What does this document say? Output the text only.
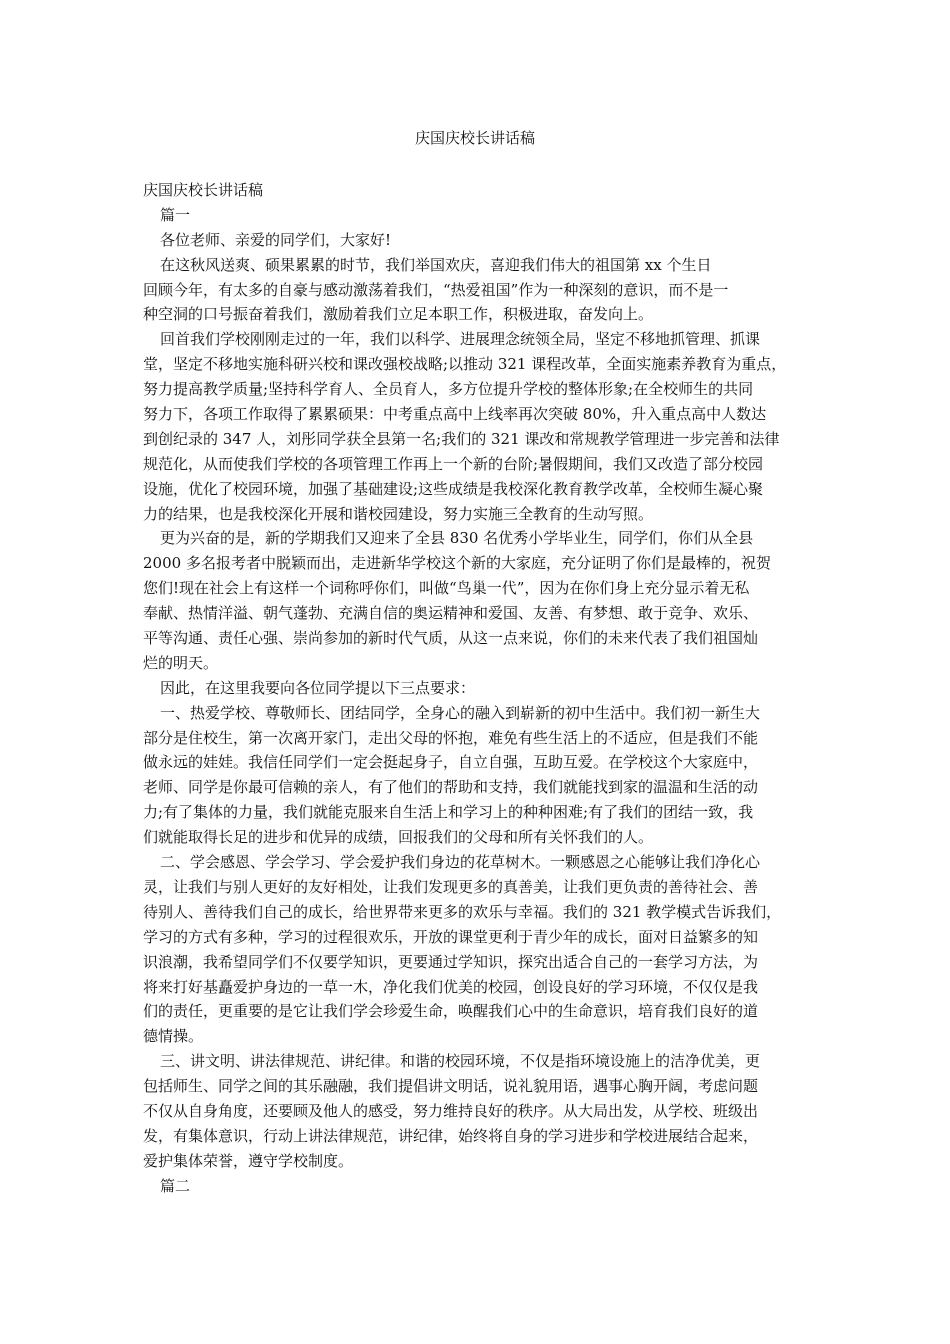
庆国庆校长讲话稿
庆国庆校长讲话稿
篇一
各位老师、亲爱的同学们，大家好!
在这秋风送爽、硕果累累的时节，我们举国欢庆，喜迎我们伟大的祖国第 xx 个生日
回顾今年，有太多的自豪与感动激荡着我们，“热爱祖国”作为一种深刻的意识，而不是一
种空洞的口号振奋着我们，激励着我们立足本职工作，积极进取，奋发向上。
回首我们学校刚刚走过的一年，我们以科学、进展理念统领全局，坚定不移地抓管理、抓课
堂，坚定不移地实施科研兴校和课改强校战略;以推动 321 课程改革，全面实施素养教育为重点，
努力提高教学质量;坚持科学育人、全员育人，多方位提升学校的整体形象;在全校师生的共同
努力下，各项工作取得了累累硕果：中考重点高中上线率再次突破 80%，升入重点高中人数达
到创纪录的 347 人，刘彤同学获全县第一名;我们的 321 课改和常规教学管理进一步完善和法律
规范化，从而使我们学校的各项管理工作再上一个新的台阶;暑假期间，我们又改造了部分校园
设施，优化了校园环境，加强了基础建设;这些成绩是我校深化教育教学改革，全校师生凝心聚
力的结果，也是我校深化开展和谐校园建设，努力实施三全教育的生动写照。
更为兴奋的是，新的学期我们又迎来了全县 830 名优秀小学毕业生，同学们，你们从全县
2000 多名报考者中脱颖而出，走进新华学校这个新的大家庭，充分证明了你们是最棒的，祝贺
您们!现在社会上有这样一个词称呼你们，叫做“鸟巢一代”，因为在你们身上充分显示着无私
奉献、热情洋溢、朝气蓬勃、充满自信的奥运精神和爱国、友善、有梦想、敢于竞争、欢乐、
平等沟通、责任心强、崇尚参加的新时代气质，从这一点来说，你们的未来代表了我们祖国灿
烂的明天。
因此，在这里我要向各位同学提以下三点要求：
一、热爱学校、尊敬师长、团结同学，全身心的融入到崭新的初中生活中。我们初一新生大
部分是住校生，第一次离开家门，走出父母的怀抱，难免有些生活上的不适应，但是我们不能
做永远的娃娃。我信任同学们一定会挺起身子，自立自强，互助互爱。在学校这个大家庭中，
老师、同学是你最可信赖的亲人，有了他们的帮助和支持，我们就能找到家的温温和生活的动
力;有了集体的力量，我们就能克服来自生活上和学习上的种种困难;有了我们的团结一致，我
们就能取得长足的进步和优异的成绩，回报我们的父母和所有关怀我们的人。
二、学会感恩、学会学习、学会爱护我们身边的花草树木。一颗感恩之心能够让我们净化心
灵，让我们与别人更好的友好相处，让我们发现更多的真善美，让我们更负责的善待社会、善
待别人、善待我们自己的成长，给世界带来更多的欢乐与幸福。我们的 321 教学模式告诉我们，
学习的方式有多种，学习的过程很欢乐，开放的课堂更利于青少年的成长，面对日益繁多的知
识浪潮，我希望同学们不仅要学知识，更要通过学知识，探究出适合自己的一套学习方法，为
将来打好基矗爱护身边的一草一木，净化我们优美的校园，创设良好的学习环境，不仅仅是我
们的责任，更重要的是它让我们学会珍爱生命，唤醒我们心中的生命意识，培育我们良好的道
德情操。
三、讲文明、讲法律规范、讲纪律。和谐的校园环境，不仅是指环境设施上的洁净优美，更
包括师生、同学之间的其乐融融，我们提倡讲文明话，说礼貌用语，遇事心胸开阔，考虑问题
不仅从自身角度，还要顾及他人的感受，努力维持良好的秩序。从大局出发，从学校、班级出
发，有集体意识，行动上讲法律规范，讲纪律，始终将自身的学习进步和学校进展结合起来，
爱护集体荣誉，遵守学校制度。
篇二
